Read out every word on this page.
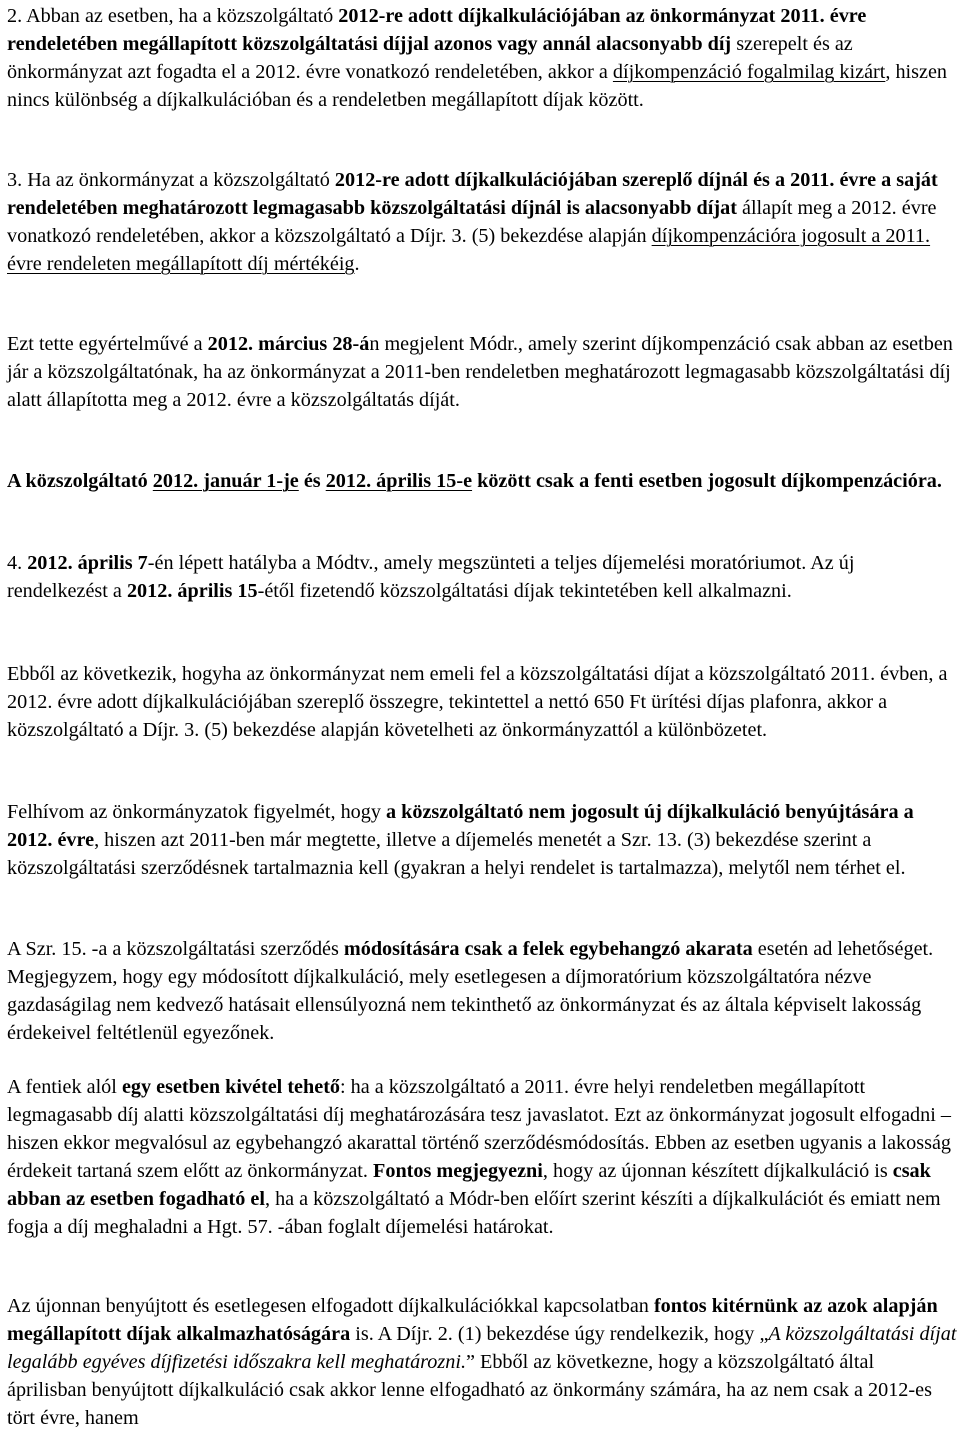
2. Abban az esetben, ha a közszolgáltató 2012-re adott díjkalkulációjában az önkormányzat 2011. évre rendeletében megállapított közszolgáltatási díjjal azonos vagy annál alacsonyabb díj szerepelt és az önkormányzat azt fogadta el a 2012. évre vonatkozó rendeletében, akkor a díjkompenzáció fogalmilag kizárt, hiszen nincs különbség a díjkalkulációban és a rendeletben megállapított díjak között.

3. Ha az önkormányzat a közszolgáltató 2012-re adott díjkalkulációjában szereplő díjnál és a 2011. évre a saját rendeletében meghatározott legmagasabb közszolgáltatási díjnál is alacsonyabb díjat állapít meg a 2012. évre vonatkozó rendeletében, akkor a közszolgáltató a Díjr. 3. (5) bekezdése alapján díjkompenzációra jogosult a 2011. évre rendeleten megállapított díj mértékéig.

Ezt tette egyértelművé a 2012. március 28-án megjelent Módr., amely szerint díjkompenzáció csak abban az esetben jár a közszolgáltatónak, ha az önkormányzat a 2011-ben rendeletben meghatározott legmagasabb közszolgáltatási díj alatt állapította meg a 2012. évre a közszolgáltatás díját.

A közszolgáltató 2012. január 1-je és 2012. április 15-e között csak a fenti esetben jogosult díjkompenzációra.

4. 2012. április 7-én lépett hatályba a Módtv., amely megszünteti a teljes díjemelési moratóriumot. Az új rendelkezést a 2012. április 15-étől fizetendő közszolgáltatási díjak tekintetében kell alkalmazni.

Ebből az következik, hogyha az önkormányzat nem emeli fel a közszolgáltatási díjat a közszolgáltató 2011. évben, a 2012. évre adott díjkalkulációjában szereplő összegre, tekintettel a nettó 650 Ft ürítési díjas plafonra, akkor a közszolgáltató a Díjr. 3. (5) bekezdése alapján követelheti az önkormányzattól a különbözetet.

Felhívom az önkormányzatok figyelmét, hogy a közszolgáltató nem jogosult új díjkalkuláció benyújtására a 2012. évre, hiszen azt 2011-ben már megtette, illetve a díjemelés menetét a Szr. 13. (3) bekezdése szerint a közszolgáltatási szerződésnek tartalmaznia kell (gyakran a helyi rendelet is tartalmazza), melytől nem térhet el.

A Szr. 15. -a a közszolgáltatási szerződés módosítására csak a felek egybehangzó akarata esetén ad lehetőséget. Megjegyzem, hogy egy módosított díjkalkuláció, mely esetlegesen a díjmoratórium közszolgáltatóra nézve gazdaságilag nem kedvező hatásait ellensúlyozná nem tekinthető az önkormányzat és az általa képviselt lakosság érdekeivel feltétlenül egyezőnek.

A fentiek alól egy esetben kivétel tehető: ha a közszolgáltató a 2011. évre helyi rendeletben megállapított legmagasabb díj alatti közszolgáltatási díj meghatározására tesz javaslatot. Ezt az önkormányzat jogosult elfogadni – hiszen ekkor megvalósul az egybehangzó akarattal történő szerződésmódosítás. Ebben az esetben ugyanis a lakosság érdekeit tartaná szem előtt az önkormányzat. Fontos megjegyezni, hogy az újonnan készített díjkalkuláció is csak abban az esetben fogadható el, ha a közszolgáltató a Módr-ben előírt szerint készíti a díjkalkulációt és emiatt nem fogja a díj meghaladni a Hgt. 57. -ában foglalt díjemelési határokat.

Az újonnan benyújtott és esetlegesen elfogadott díjkalkulációkkal kapcsolatban fontos kitérnünk az azok alapján megállapított díjak alkalmazhatóságára is. A Díjr. 2. (1) bekezdése úgy rendelkezik, hogy „A közszolgáltatási díjat legalább egyéves díjfizetési időszakra kell meghatározni.” Ebből az következne, hogy a közszolgáltató által áprilisban benyújtott díjkalkuláció csak akkor lenne elfogadható az önkormány számára, ha az nem csak a 2012-es tört évre, hanem
